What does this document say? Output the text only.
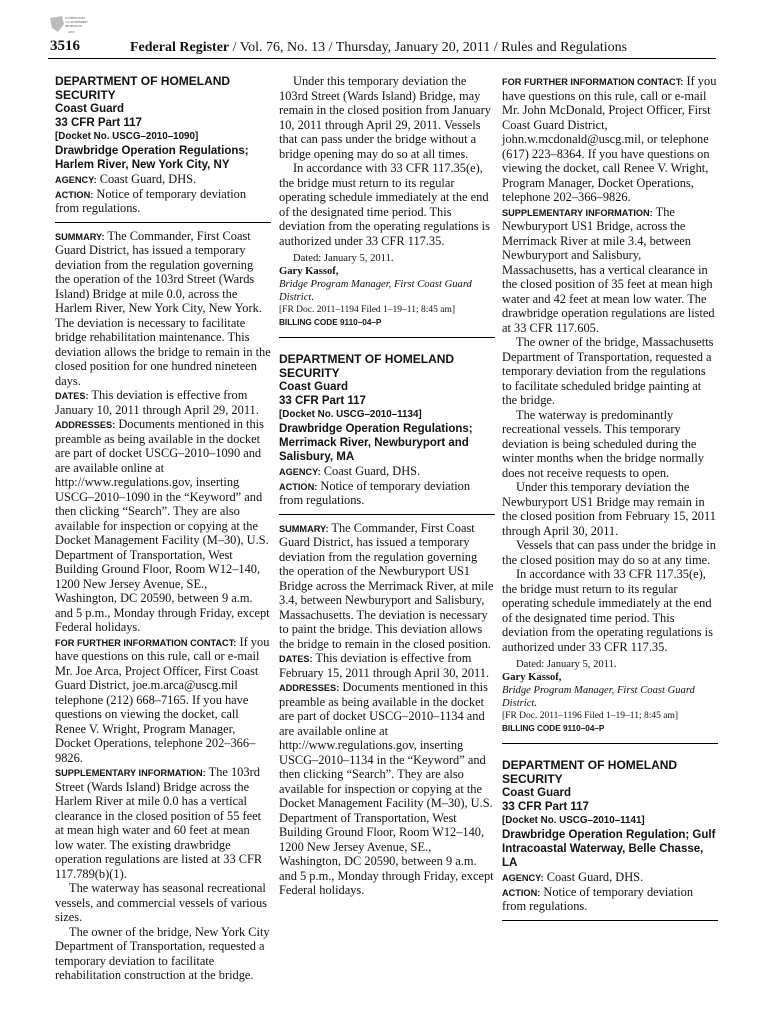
AUTHENTICATED
U.S. GOVERNMENT
INFORMATION
GPO
3516	Federal Register / Vol. 76, No. 13 / Thursday, January 20, 2011 / Rules and Regulations

DEPARTMENT OF HOMELAND SECURITY

Coast Guard

33 CFR Part 117

[Docket No. USCG–2010–1090]

Drawbridge Operation Regulations; Harlem River, New York City, NY

AGENCY: Coast Guard, DHS.

ACTION: Notice of temporary deviation from regulations.

SUMMARY: The Commander, First Coast Guard District, has issued a temporary deviation from the regulation governing the operation of the 103rd Street (Wards Island) Bridge at mile 0.0, across the Harlem River, New York City, New York. The deviation is necessary to facilitate bridge rehabilitation maintenance. This deviation allows the bridge to remain in the closed position for one hundred nineteen days.

DATES: This deviation is effective from January 10, 2011 through April 29, 2011.

ADDRESSES: Documents mentioned in this preamble as being available in the docket are part of docket USCG–2010–1090 and are available online at http://www.regulations.gov, inserting USCG–2010–1090 in the “Keyword” and then clicking “Search”. They are also available for inspection or copying at the Docket Management Facility (M–30), U.S. Department of Transportation, West Building Ground Floor, Room W12–140, 1200 New Jersey Avenue, SE., Washington, DC 20590, between 9 a.m. and 5 p.m., Monday through Friday, except Federal holidays.

FOR FURTHER INFORMATION CONTACT: If you have questions on this rule, call or e-mail Mr. Joe Arca, Project Officer, First Coast Guard District, joe.m.arca@uscg.mil telephone (212) 668–7165. If you have questions on viewing the docket, call Renee V. Wright, Program Manager, Docket Operations, telephone 202–366–9826.

SUPPLEMENTARY INFORMATION: The 103rd Street (Wards Island) Bridge across the Harlem River at mile 0.0 has a vertical clearance in the closed position of 55 feet at mean high water and 60 feet at mean low water. The existing drawbridge operation regulations are listed at 33 CFR 117.789(b)(1).

The waterway has seasonal recreational vessels, and commercial vessels of various sizes.

The owner of the bridge, New York City Department of Transportation, requested a temporary deviation to facilitate rehabilitation construction at the bridge.

Under this temporary deviation the 103rd Street (Wards Island) Bridge, may remain in the closed position from January 10, 2011 through April 29, 2011. Vessels that can pass under the bridge without a bridge opening may do so at all times.

In accordance with 33 CFR 117.35(e), the bridge must return to its regular operating schedule immediately at the end of the designated time period. This deviation from the operating regulations is authorized under 33 CFR 117.35.

Dated: January 5, 2011.

Gary Kassof,

Bridge Program Manager, First Coast Guard District.

[FR Doc. 2011–1194 Filed 1–19–11; 8:45 am]

BILLING CODE 9110–04–P

DEPARTMENT OF HOMELAND SECURITY

Coast Guard

33 CFR Part 117

[Docket No. USCG–2010–1134]

Drawbridge Operation Regulations; Merrimack River, Newburyport and Salisbury, MA

AGENCY: Coast Guard, DHS.

ACTION: Notice of temporary deviation from regulations.

SUMMARY: The Commander, First Coast Guard District, has issued a temporary deviation from the regulation governing the operation of the Newburyport US1 Bridge across the Merrimack River, at mile 3.4, between Newburyport and Salisbury, Massachusetts. The deviation is necessary to paint the bridge. This deviation allows the bridge to remain in the closed position.

DATES: This deviation is effective from February 15, 2011 through April 30, 2011.

ADDRESSES: Documents mentioned in this preamble as being available in the docket are part of docket USCG–2010–1134 and are available online at http://www.regulations.gov, inserting USCG–2010–1134 in the “Keyword” and then clicking “Search”. They are also available for inspection or copying at the Docket Management Facility (M–30), U.S. Department of Transportation, West Building Ground Floor, Room W12–140, 1200 New Jersey Avenue, SE., Washington, DC 20590, between 9 a.m. and 5 p.m., Monday through Friday, except Federal holidays.

FOR FURTHER INFORMATION CONTACT: If you have questions on this rule, call or e-mail Mr. John McDonald, Project Officer, First Coast Guard District, john.w.mcdonald@uscg.mil, or telephone (617) 223–8364. If you have questions on viewing the docket, call Renee V. Wright, Program Manager, Docket Operations, telephone 202–366–9826.

SUPPLEMENTARY INFORMATION: The Newburyport US1 Bridge, across the Merrimack River at mile 3.4, between Newburyport and Salisbury, Massachusetts, has a vertical clearance in the closed position of 35 feet at mean high water and 42 feet at mean low water. The drawbridge operation regulations are listed at 33 CFR 117.605.

The owner of the bridge, Massachusetts Department of Transportation, requested a temporary deviation from the regulations to facilitate scheduled bridge painting at the bridge.

The waterway is predominantly recreational vessels. This temporary deviation is being scheduled during the winter months when the bridge normally does not receive requests to open.

Under this temporary deviation the Newburyport US1 Bridge may remain in the closed position from February 15, 2011 through April 30, 2011.

Vessels that can pass under the bridge in the closed position may do so at any time.

In accordance with 33 CFR 117.35(e), the bridge must return to its regular operating schedule immediately at the end of the designated time period. This deviation from the operating regulations is authorized under 33 CFR 117.35.

Dated: January 5, 2011.

Gary Kassof,

Bridge Program Manager, First Coast Guard District.

[FR Doc. 2011–1196 Filed 1–19–11; 8:45 am]

BILLING CODE 9110–04–P

DEPARTMENT OF HOMELAND SECURITY

Coast Guard

33 CFR Part 117

[Docket No. USCG–2010–1141]

Drawbridge Operation Regulation; Gulf Intracoastal Waterway, Belle Chasse, LA

AGENCY: Coast Guard, DHS.

ACTION: Notice of temporary deviation from regulations.
